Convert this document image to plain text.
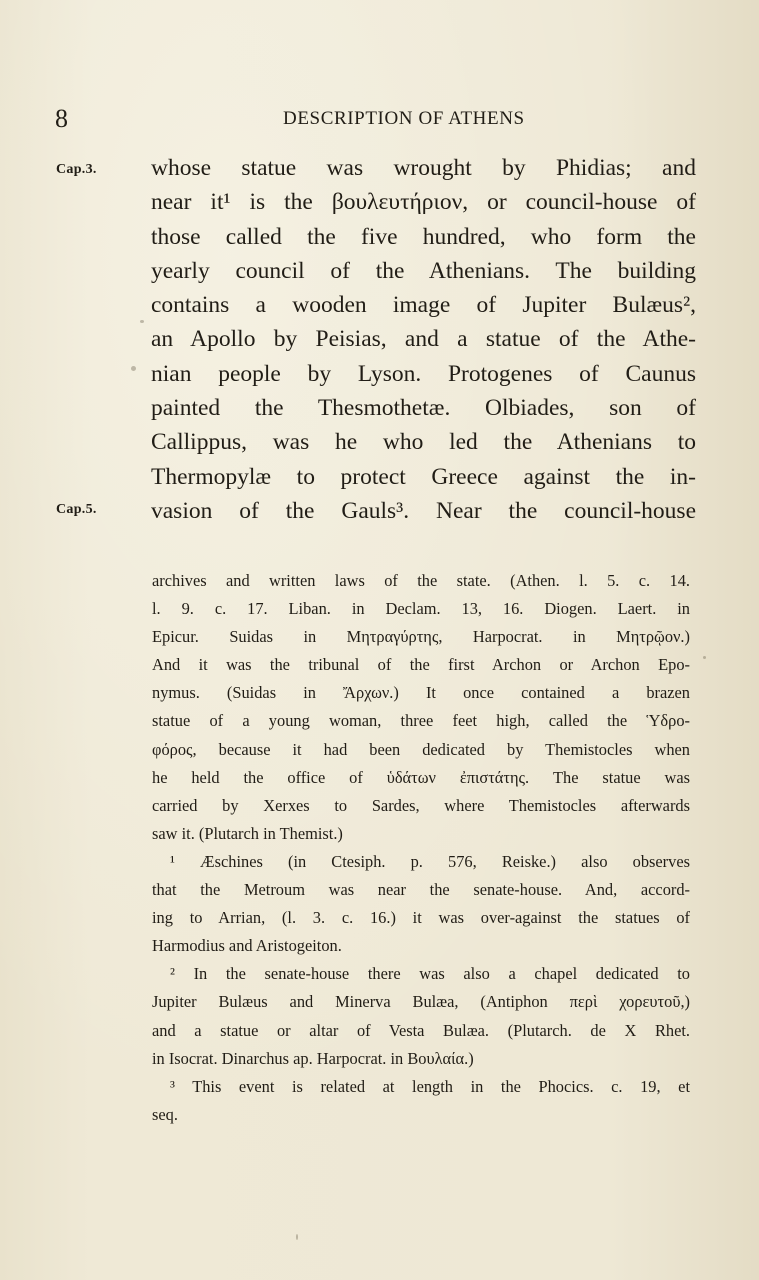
8	DESCRIPTION OF ATHENS
Cap.3.
Cap.5.
whose statue was wrought by Phidias; and
near it¹ is the βουλευτήριον, or council-house of
those called the five hundred, who form the
yearly council of the Athenians. The building
contains a wooden image of Jupiter Bulæus²,
an Apollo by Peisias, and a statue of the Athe-
nian people by Lyson. Protogenes of Caunus
painted the Thesmothetæ. Olbiades, son of
Callippus, was he who led the Athenians to
Thermopylæ to protect Greece against the in-
vasion of the Gauls³. Near the council-house
archives and written laws of the state. (Athen. l. 5. c. 14.
l. 9. c. 17. Liban. in Declam. 13, 16. Diogen. Laert. in
Epicur. Suidas in Μητραγύρτης, Harpocrat. in Μητρῷον.)
And it was the tribunal of the first Archon or Archon Epo-
nymus. (Suidas in Ἄρχων.) It once contained a brazen
statue of a young woman, three feet high, called the Ὑδρο-
φόρος, because it had been dedicated by Themistocles when
he held the office of ὑδάτων ἐπιστάτης. The statue was
carried by Xerxes to Sardes, where Themistocles afterwards
saw it. (Plutarch in Themist.)
¹ Æschines (in Ctesiph. p. 576, Reiske.) also observes
that the Metroum was near the senate-house. And, accord-
ing to Arrian, (l. 3. c. 16.) it was over-against the statues of
Harmodius and Aristogeiton.
² In the senate-house there was also a chapel dedicated to
Jupiter Bulæus and Minerva Bulæa, (Antiphon περὶ χορευτοῦ,)
and a statue or altar of Vesta Bulæa. (Plutarch. de X Rhet.
in Isocrat. Dinarchus ap. Harpocrat. in Βουλαία.)
³ This event is related at length in the Phocics. c. 19, et
seq.
